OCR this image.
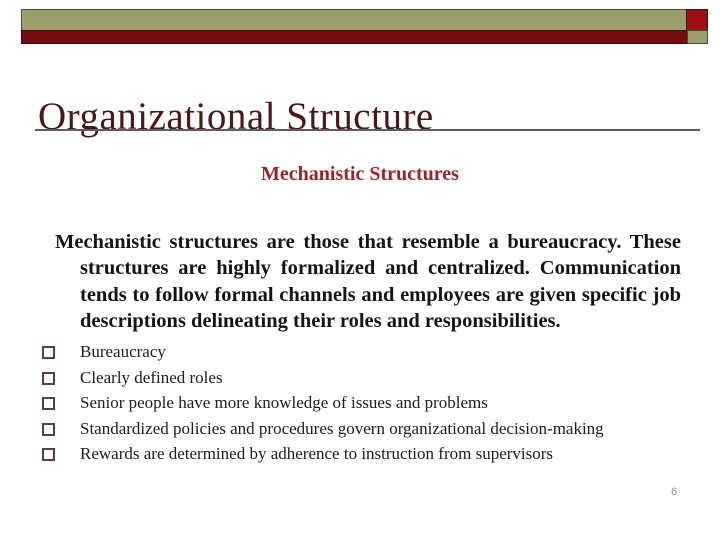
Organizational Structure
Mechanistic Structures

Mechanistic structures are those that resemble a bureaucracy. These structures are highly formalized and centralized. Communication tends to follow formal channels and employees are given specific job descriptions delineating their roles and responsibilities.

Bureaucracy
Clearly defined roles
Senior people have more knowledge of issues and problems
Standardized policies and procedures govern organizational decision-making
Rewards are determined by adherence to instruction from supervisors
6
